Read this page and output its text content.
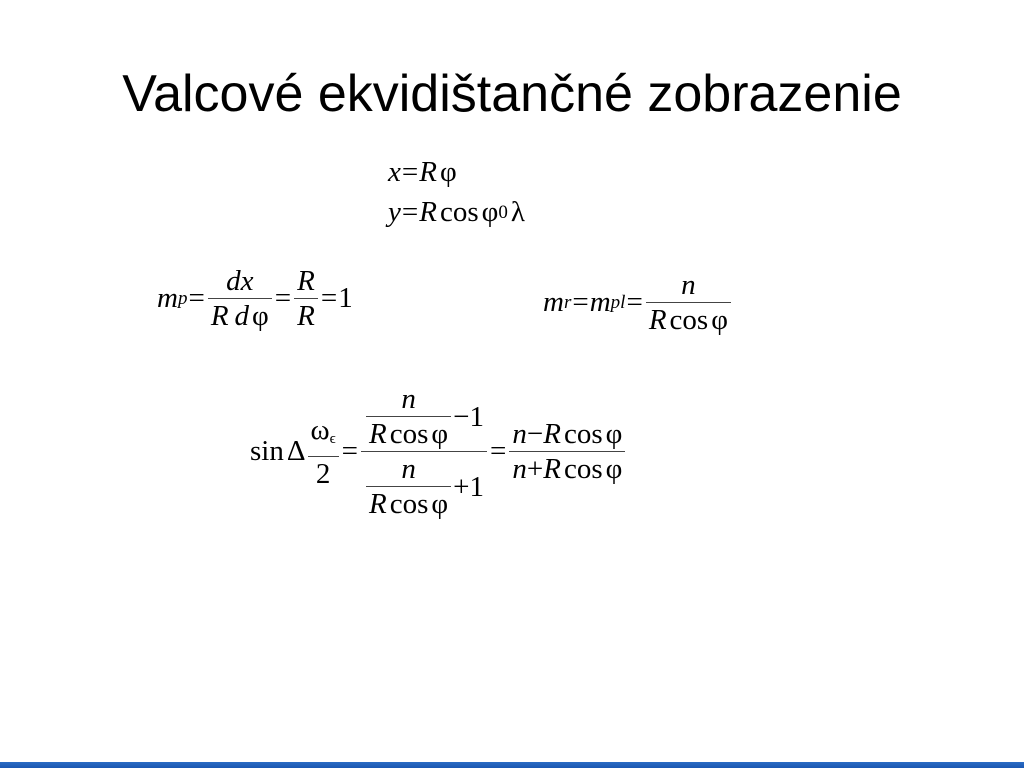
Valcové ekvidištančné zobrazenie
x = R φ
y = R cos φ 0 λ
m $p = \frac{dx}{\text{R d φ}} = \frac{R}{R} = 1$	m r = m pl = $\frac{n}{\text{R cos φ}}$
sin Δ $\frac{\omega_\epsilon}{2} = \frac{\frac{n}{\text{R cos φ}} -1}{\frac{n}{\text{R cos φ}} +1} = \frac{\text{n−R cos φ}}{\text{n+R cos φ}}$
